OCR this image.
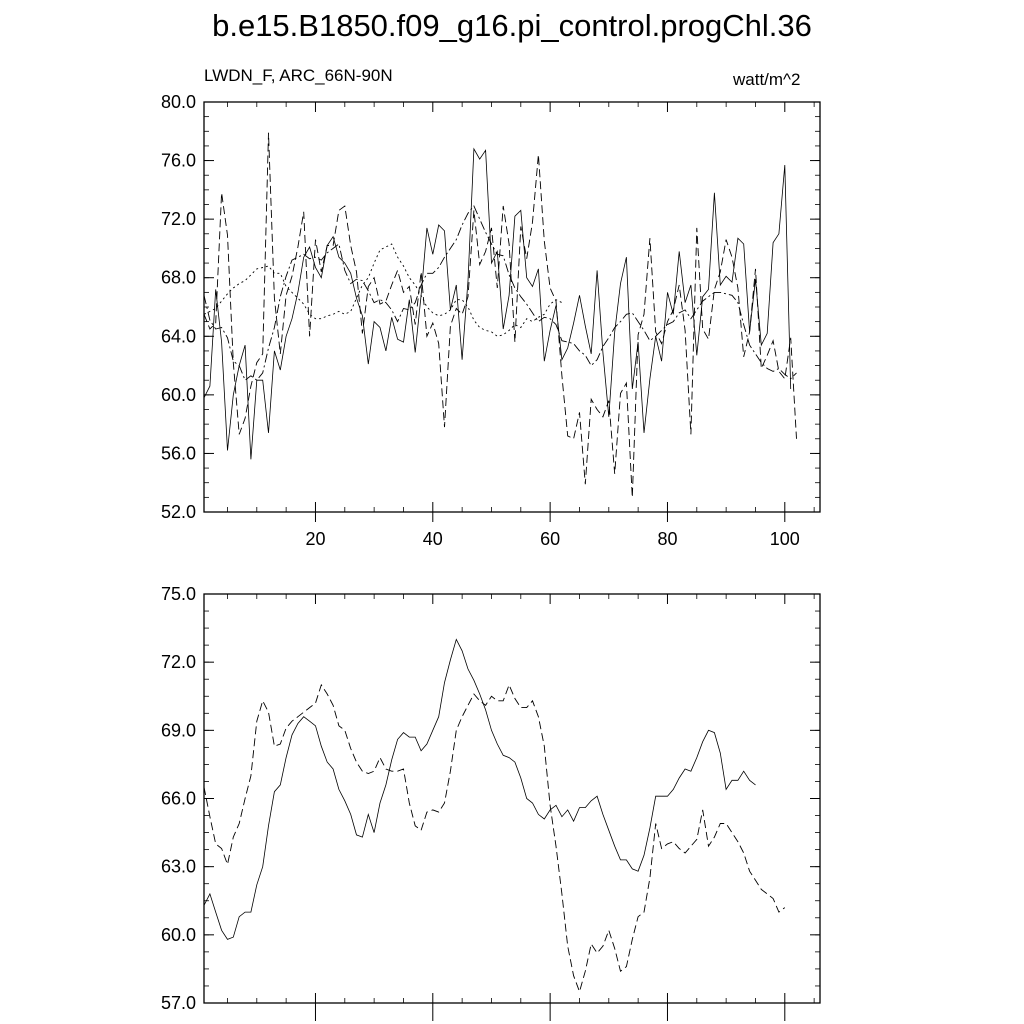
b.e15.B1850.f09_g16.pi_control.progChl.36
LWDN_F, ARC_66N-90N	watt/m^2
52.0
56.0
60.0
64.0
68.0
72.0
76.0
80.0
20	40	60	80	100
57.0
60.0
63.0
66.0
69.0
72.0
75.0
